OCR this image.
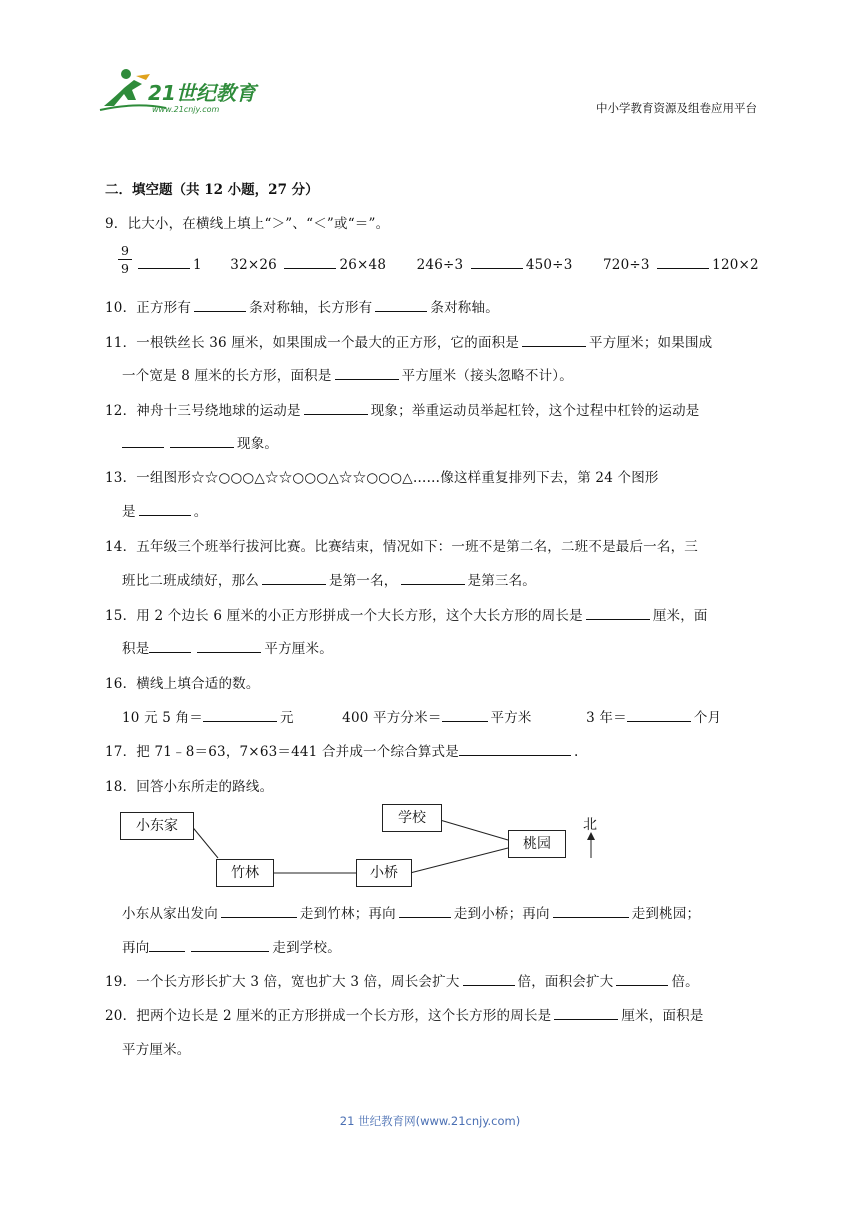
21世纪教育
www.21cnjy.com	中小学教育资源及组卷应用平台
二．填空题（共 12 小题，27 分）
9．比大小，在横线上填上“＞”、“＜”或“＝”。
9
9	1 32×26	26×48 246÷3	450÷3 720÷3	120×2
10．正方形有	条对称轴，长方形有	条对称轴。
11．一根铁丝长 36 厘米，如果围成一个最大的正方形，它的面积是	平方厘米；如果围成
一个宽是 8 厘米的长方形，面积是	平方厘米（接头忽略不计）。
12．神舟十三号绕地球的运动是	现象；举重运动员举起杠铃，这个过程中杠铃的运动是
现象。
13．一组图形☆☆○○○△☆☆○○○△☆☆○○○△……像这样重复排列下去，第 24 个图形
是	。
14．五年级三个班举行拔河比赛。比赛结束，情况如下：一班不是第二名，二班不是最后一名，三
班比二班成绩好，那么	是第一名，	是第三名。
15．用 2 个边长 6 厘米的小正方形拼成一个大长方形，这个大长方形的周长是	厘米，面
积是	平方厘米。
16．横线上填合适的数。
10 元 5 角＝	元	400 平方分米＝	平方米	3 年＝	个月
17．把 71﹣8＝63，7×63＝441 合并成一个综合算式是	.
18．回答小东所走的路线。
小东家
竹林	小桥
学校
桃园
北
小东从家出发向	走到竹林；再向	走到小桥；再向	走到桃园；
再向	走到学校。
19．一个长方形长扩大 3 倍，宽也扩大 3 倍，周长会扩大	倍，面积会扩大	倍。
20．把两个边长是 2 厘米的正方形拼成一个长方形，这个长方形的周长是	厘米，面积是
平方厘米。
21 世纪教育网(www.21cnjy.com)
